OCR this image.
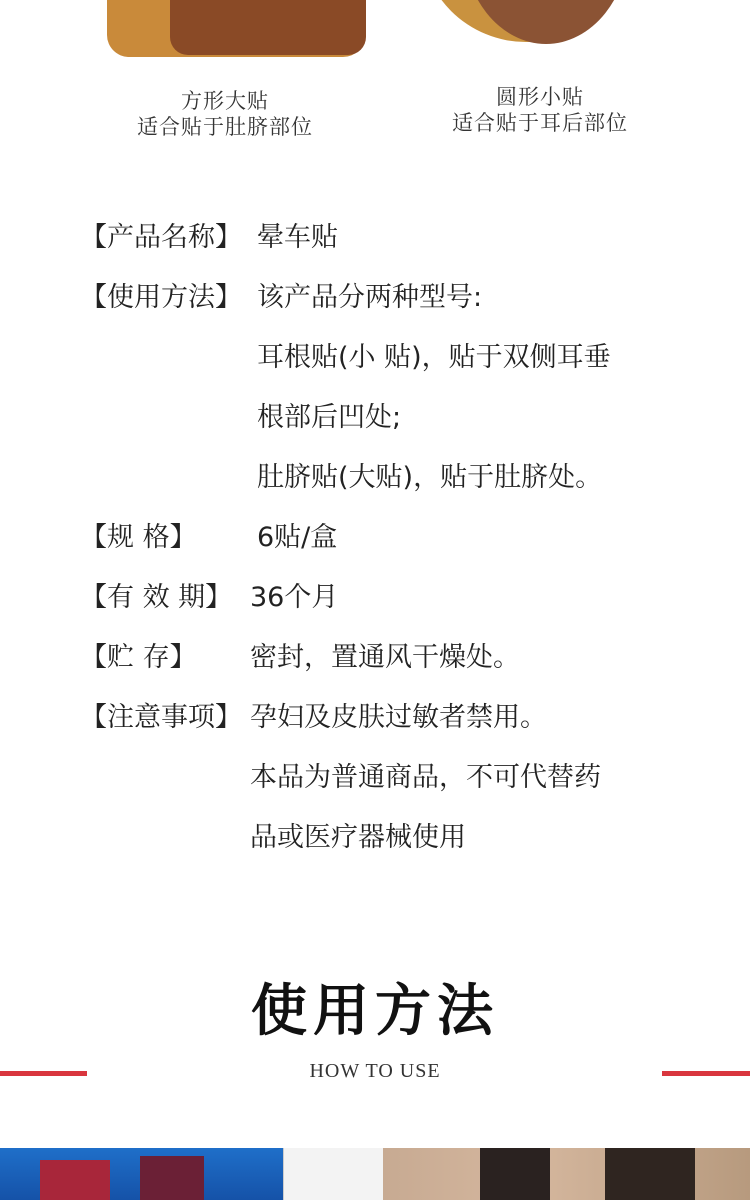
方形大贴
适合贴于肚脐部位
圆形小贴
适合贴于耳后部位
【产品名称】 晕车贴
【使用方法】 该产品分两种型号:
耳根贴(小 贴)，贴于双侧耳垂
根部后凹处;
肚脐贴(大贴)，贴于肚脐处。
【规 格】 6贴/盒
【有 效 期】 36个月
【贮 存】 密封，置通风干燥处。
【注意事项】 孕妇及皮肤过敏者禁用。
本品为普通商品，不可代替药
品或医疗器械使用
使用方法
HOW TO USE
